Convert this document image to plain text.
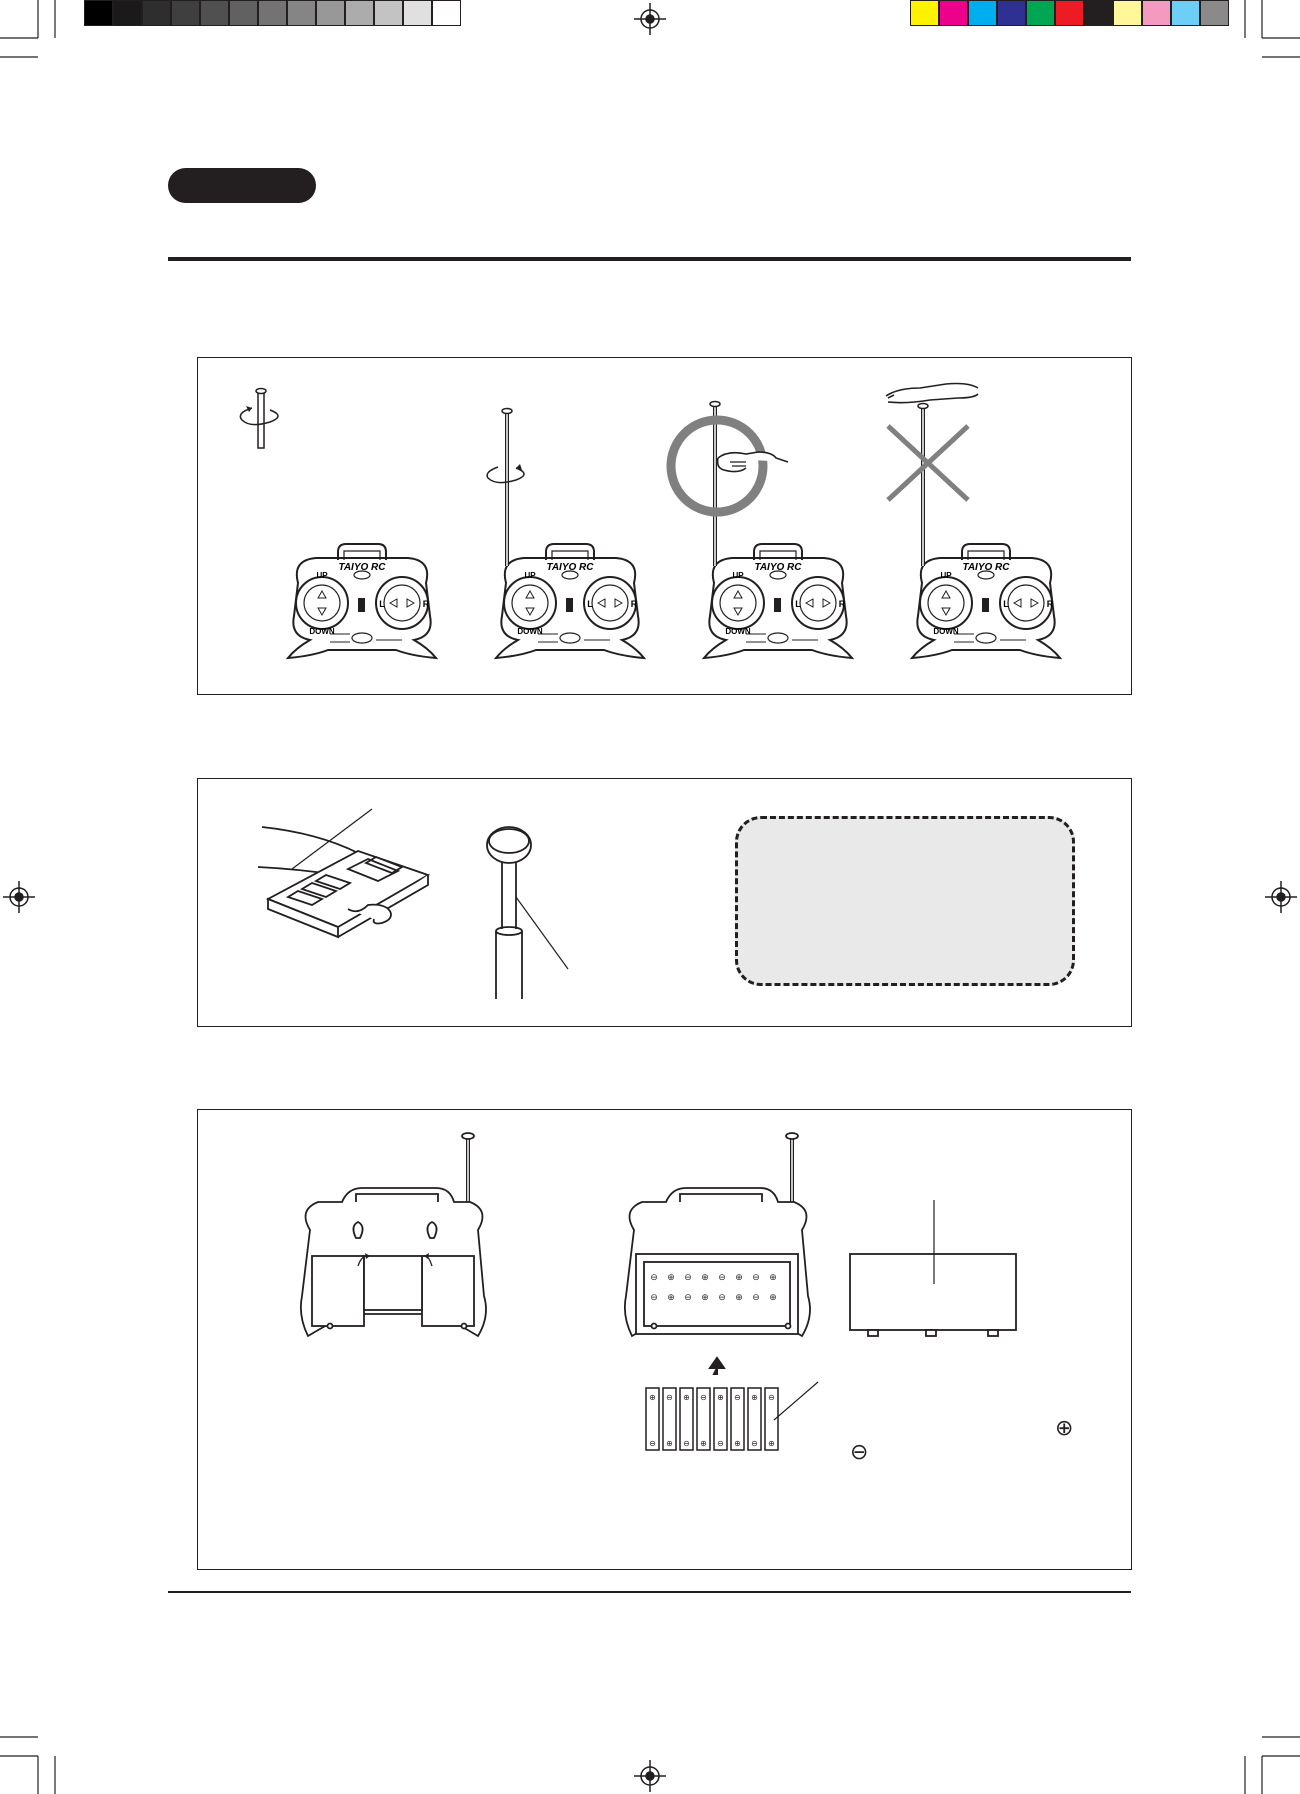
TAIYO RC
UP
DOWN
L	R
TAIYO RC
UP
DOWN
L	R
TAIYO RC
UP
DOWN
L	R
TAIYO RC
UP
DOWN
L	R
⊖ ⊕ ⊖ ⊕ ⊖ ⊕ ⊖ ⊕
⊖ ⊕ ⊖ ⊕ ⊖ ⊕ ⊖ ⊕
⊕
⊖
⊖
⊕
⊕
⊖
⊖
⊕
⊕
⊖
⊖
⊕
⊕
⊖
⊖
⊕
⊕
⊖
